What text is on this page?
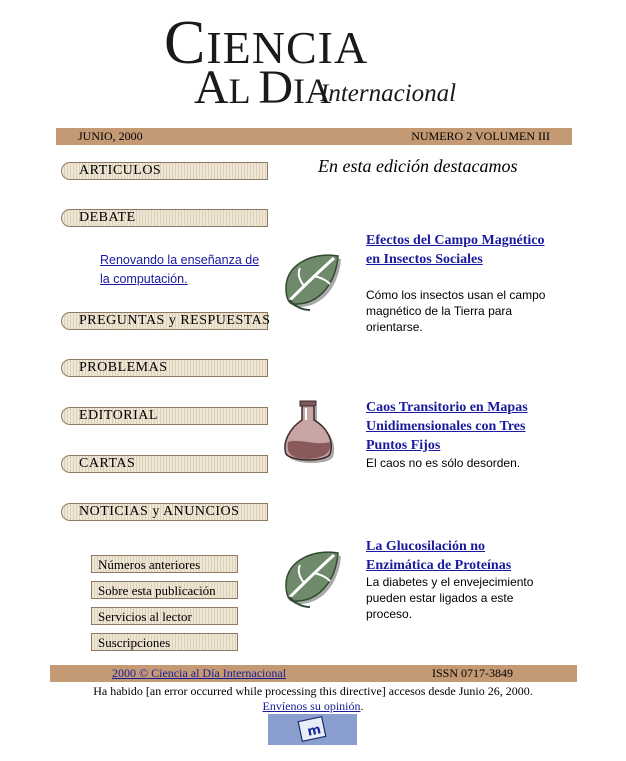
CIENCIA
AL DIA
Internacional
JUNIO, 2000	NUMERO 2 VOLUMEN III
En esta edición destacamos
ARTICULOS
DEBATE
Renovando la enseñanza de la computación.
PREGUNTAS y RESPUESTAS
PROBLEMAS
EDITORIAL
CARTAS
NOTICIAS y ANUNCIOS
Efectos del Campo Magnético en Insectos Sociales
Cómo los insectos usan el campo magnético de la Tierra para orientarse.
Caos Transitorio en Mapas Unidimensionales con Tres Puntos Fijos
El caos no es sólo desorden.
La Glucosilación no Enzimática de Proteínas
La diabetes y el envejecimiento pueden estar ligados a este proceso.
Números anteriores
Sobre esta publicación
Servicios al lector
Suscripciones
2000 © Ciencia al Día Internacional	ISSN 0717-3849
Ha habido [an error occurred while processing this directive] accesos desde Junio 26, 2000.
Envíenos su opinión.
m
